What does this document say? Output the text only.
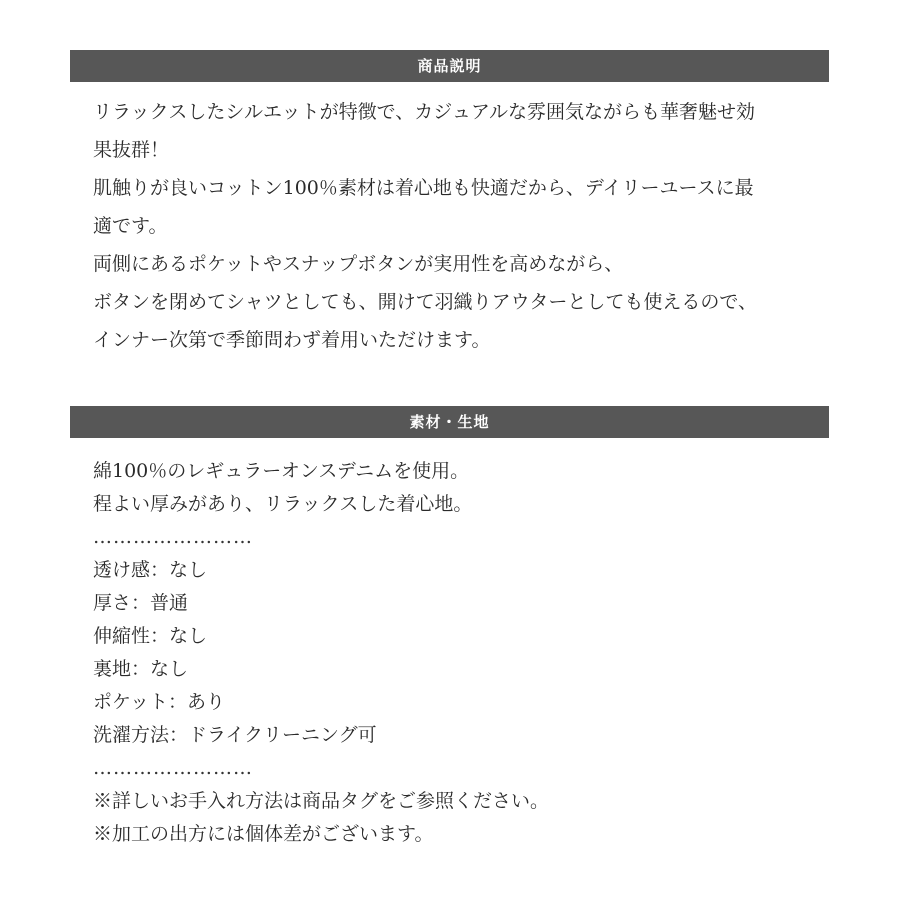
商品説明
リラックスしたシルエットが特徴で、カジュアルな雰囲気ながらも華奢魅せ効
果抜群！
肌触りが良いコットン100％素材は着心地も快適だから、デイリーユースに最
適です。
両側にあるポケットやスナップボタンが実用性を高めながら、
ボタンを閉めてシャツとしても、開けて羽織りアウターとしても使えるので、
インナー次第で季節問わず着用いただけます。
素材・生地
綿100％のレギュラーオンスデニムを使用。
程よい厚みがあり、リラックスした着心地。
……………………
透け感：なし
厚さ：普通
伸縮性：なし
裏地：なし
ポケット：あり
洗濯方法：ドライクリーニング可
……………………
※詳しいお手入れ方法は商品タグをご参照ください。
※加工の出方には個体差がございます。
